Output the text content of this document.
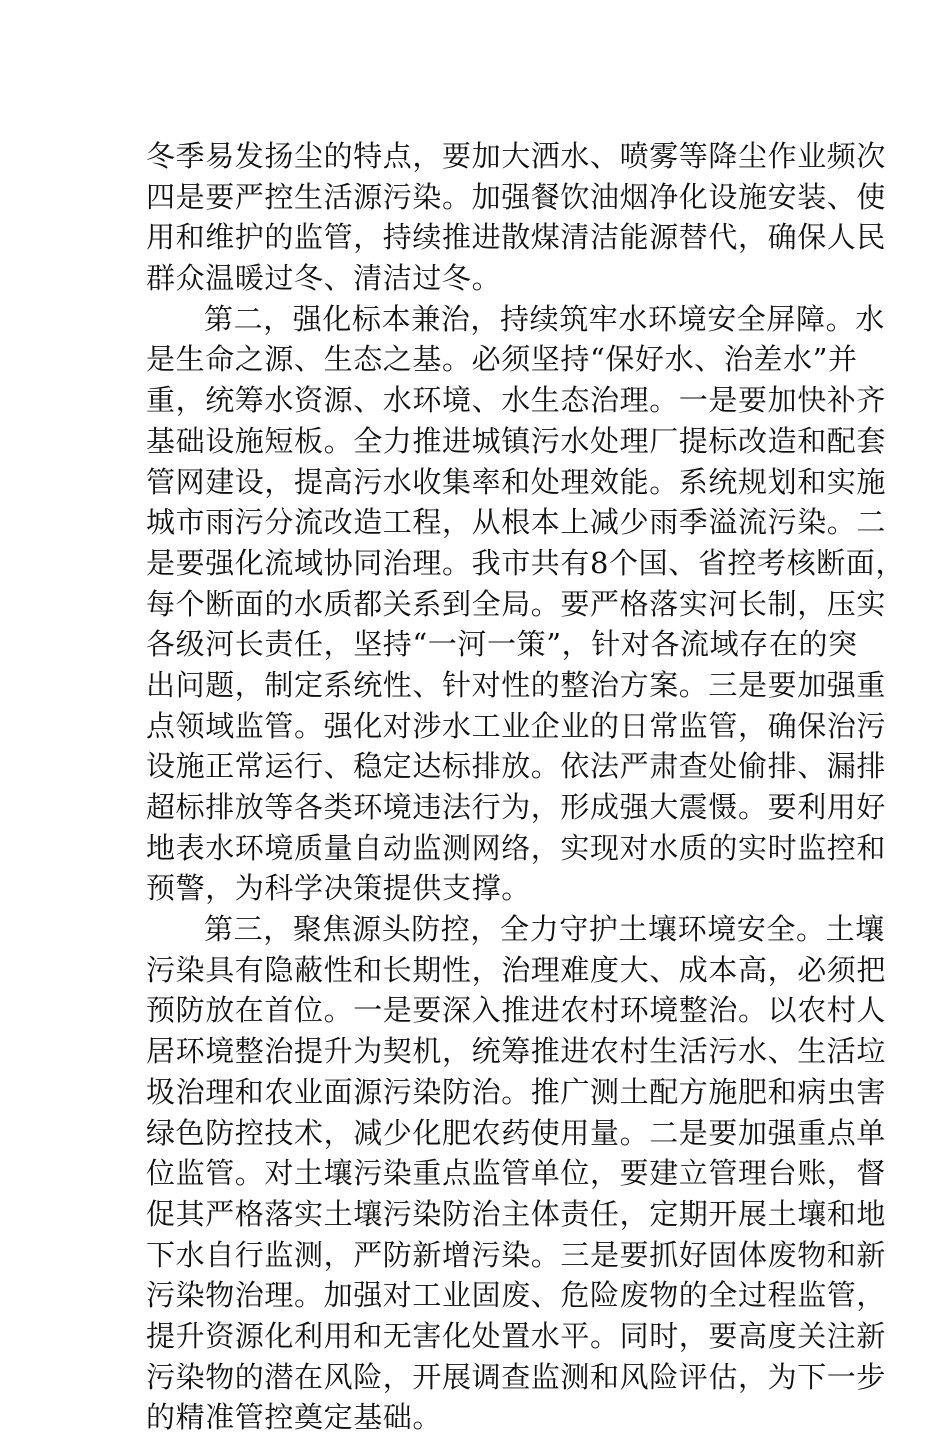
冬季易发扬尘的特点，要加大洒水、喷雾等降尘作业频次
四是要严控生活源污染。加强餐饮油烟净化设施安装、使
用和维护的监管，持续推进散煤清洁能源替代，确保人民
群众温暖过冬、清洁过冬。
第二，强化标本兼治，持续筑牢水环境安全屏障。水
是生命之源、生态之基。必须坚持“保好水、治差水”并
重，统筹水资源、水环境、水生态治理。一是要加快补齐
基础设施短板。全力推进城镇污水处理厂提标改造和配套
管网建设，提高污水收集率和处理效能。系统规划和实施
城市雨污分流改造工程，从根本上减少雨季溢流污染。二
是要强化流域协同治理。我市共有8个国、省控考核断面，
每个断面的水质都关系到全局。要严格落实河长制，压实
各级河长责任，坚持“一河一策”，针对各流域存在的突
出问题，制定系统性、针对性的整治方案。三是要加强重
点领域监管。强化对涉水工业企业的日常监管，确保治污
设施正常运行、稳定达标排放。依法严肃查处偷排、漏排
超标排放等各类环境违法行为，形成强大震慑。要利用好
地表水环境质量自动监测网络，实现对水质的实时监控和
预警，为科学决策提供支撑。
第三，聚焦源头防控，全力守护土壤环境安全。土壤
污染具有隐蔽性和长期性，治理难度大、成本高，必须把
预防放在首位。一是要深入推进农村环境整治。以农村人
居环境整治提升为契机，统筹推进农村生活污水、生活垃
圾治理和农业面源污染防治。推广测土配方施肥和病虫害
绿色防控技术，减少化肥农药使用量。二是要加强重点单
位监管。对土壤污染重点监管单位，要建立管理台账，督
促其严格落实土壤污染防治主体责任，定期开展土壤和地
下水自行监测，严防新增污染。三是要抓好固体废物和新
污染物治理。加强对工业固废、危险废物的全过程监管，
提升资源化利用和无害化处置水平。同时，要高度关注新
污染物的潜在风险，开展调查监测和风险评估，为下一步
的精准管控奠定基础。
